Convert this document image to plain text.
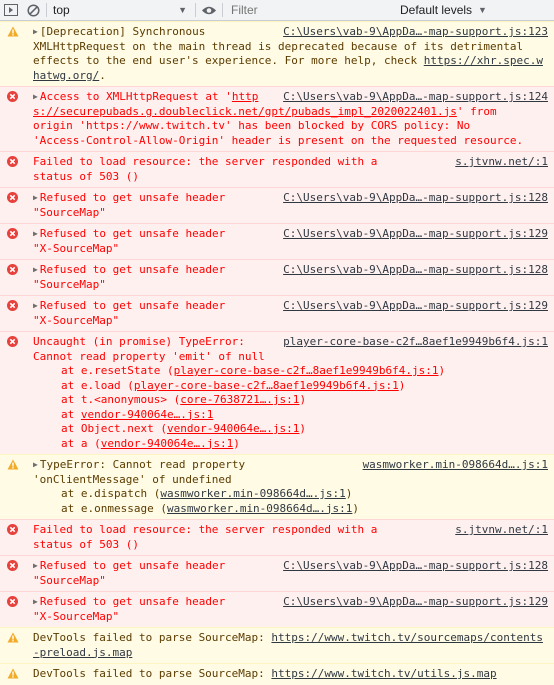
top	▼
Filter	Default levels ▼
C:\Users\vab-9\AppDa…-map-support.js:123
▶ [Deprecation] Synchronous
XMLHttpRequest on the main thread is deprecated because of its detrimental
effects to the end user's experience. For more help, check https://xhr.spec.whatwg.org/.
C:\Users\vab-9\AppDa…-map-support.js:124
▶ Access to XMLHttpRequest at 'https://securepubads.g.doubleclick.net/gpt/pubads_impl_2020022401.js' from
origin 'https://www.twitch.tv' has been blocked by CORS policy: No
'Access-Control-Allow-Origin' header is present on the requested resource.
s.jtvnw.net/:1
Failed to load resource: the server responded with a
status of 503 ()
C:\Users\vab-9\AppDa…-map-support.js:128
▶ Refused to get unsafe header
"SourceMap"
C:\Users\vab-9\AppDa…-map-support.js:129
▶ Refused to get unsafe header
"X-SourceMap"
C:\Users\vab-9\AppDa…-map-support.js:128
▶ Refused to get unsafe header
"SourceMap"
C:\Users\vab-9\AppDa…-map-support.js:129
▶ Refused to get unsafe header
"X-SourceMap"
player-core-base-c2f…8aef1e9949b6f4.js:1
Uncaught (in promise) TypeError:
Cannot read property 'emit' of null
at e.resetState (player-core-base-c2f…8aef1e9949b6f4.js:1)
at e.load (player-core-base-c2f…8aef1e9949b6f4.js:1)
at t.<anonymous> (core-7638721….js:1)
at vendor-940064e….js:1
at Object.next (vendor-940064e….js:1)
at a (vendor-940064e….js:1)
wasmworker.min-098664d….js:1
▶ TypeError: Cannot read property
'onClientMessage' of undefined
at e.dispatch (wasmworker.min-098664d….js:1)
at e.onmessage (wasmworker.min-098664d….js:1)
s.jtvnw.net/:1
Failed to load resource: the server responded with a
status of 503 ()
C:\Users\vab-9\AppDa…-map-support.js:128
▶ Refused to get unsafe header
"SourceMap"
C:\Users\vab-9\AppDa…-map-support.js:129
▶ Refused to get unsafe header
"X-SourceMap"
DevTools failed to parse SourceMap: https://www.twitch.tv/sourcemaps/contents-preload.js.map
DevTools failed to parse SourceMap: https://www.twitch.tv/utils.js.map
